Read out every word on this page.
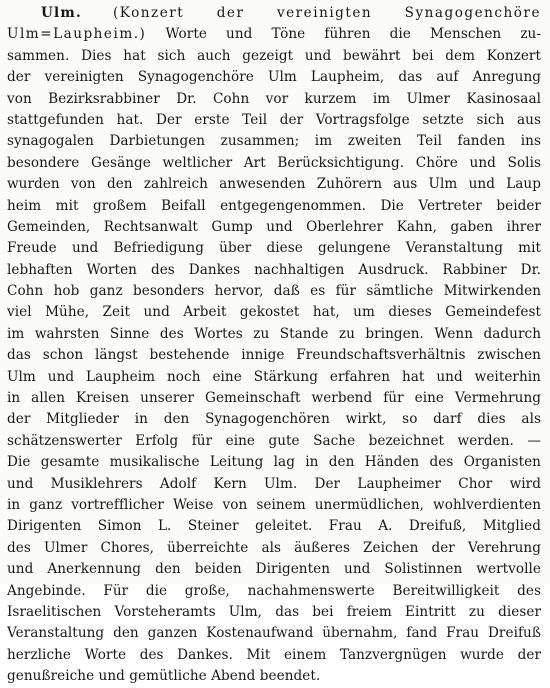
Ulm. (Konzert der vereinigten Synagogenchöre
Ulm=Laupheim.) Worte und Töne führen die Menschen zu-
sammen. Dies hat sich auch gezeigt und bewährt bei dem Konzert
der vereinigten Synagogenchöre Ulm Laupheim, das auf Anregung
von Bezirksrabbiner Dr. Cohn vor kurzem im Ulmer Kasinosaal
stattgefunden hat. Der erste Teil der Vortragsfolge setzte sich aus
synagogalen Darbietungen zusammen; im zweiten Teil fanden ins
besondere Gesänge weltlicher Art Berücksichtigung. Chöre und Solis
wurden von den zahlreich anwesenden Zuhörern aus Ulm und Laup
heim mit großem Beifall entgegengenommen. Die Vertreter beider
Gemeinden, Rechtsanwalt Gump und Oberlehrer Kahn, gaben ihrer
Freude und Befriedigung über diese gelungene Veranstaltung mit
lebhaften Worten des Dankes nachhaltigen Ausdruck. Rabbiner Dr.
Cohn hob ganz besonders hervor, daß es für sämtliche Mitwirkenden
viel Mühe, Zeit und Arbeit gekostet hat, um dieses Gemeindefest
im wahrsten Sinne des Wortes zu Stande zu bringen. Wenn dadurch
das schon längst bestehende innige Freundschaftsverhältnis zwischen
Ulm und Laupheim noch eine Stärkung erfahren hat und weiterhin
in allen Kreisen unserer Gemeinschaft werbend für eine Vermehrung
der Mitglieder in den Synagogenchören wirkt, so darf dies als
schätzenswerter Erfolg für eine gute Sache bezeichnet werden. —
Die gesamte musikalische Leitung lag in den Händen des Organisten
und Musiklehrers Adolf Kern Ulm. Der Laupheimer Chor wird
in ganz vortrefflicher Weise von seinem unermüdlichen, wohlverdienten
Dirigenten Simon L. Steiner geleitet. Frau A. Dreifuß, Mitglied
des Ulmer Chores, überreichte als äußeres Zeichen der Verehrung
und Anerkennung den beiden Dirigenten und Solistinnen wertvolle
Angebinde. Für die große, nachahmenswerte Bereitwilligkeit des
Israelitischen Vorsteheramts Ulm, das bei freiem Eintritt zu dieser
Veranstaltung den ganzen Kostenaufwand übernahm, fand Frau Dreifuß
herzliche Worte des Dankes. Mit einem Tanzvergnügen wurde der
genußreiche und gemütliche Abend beendet.
